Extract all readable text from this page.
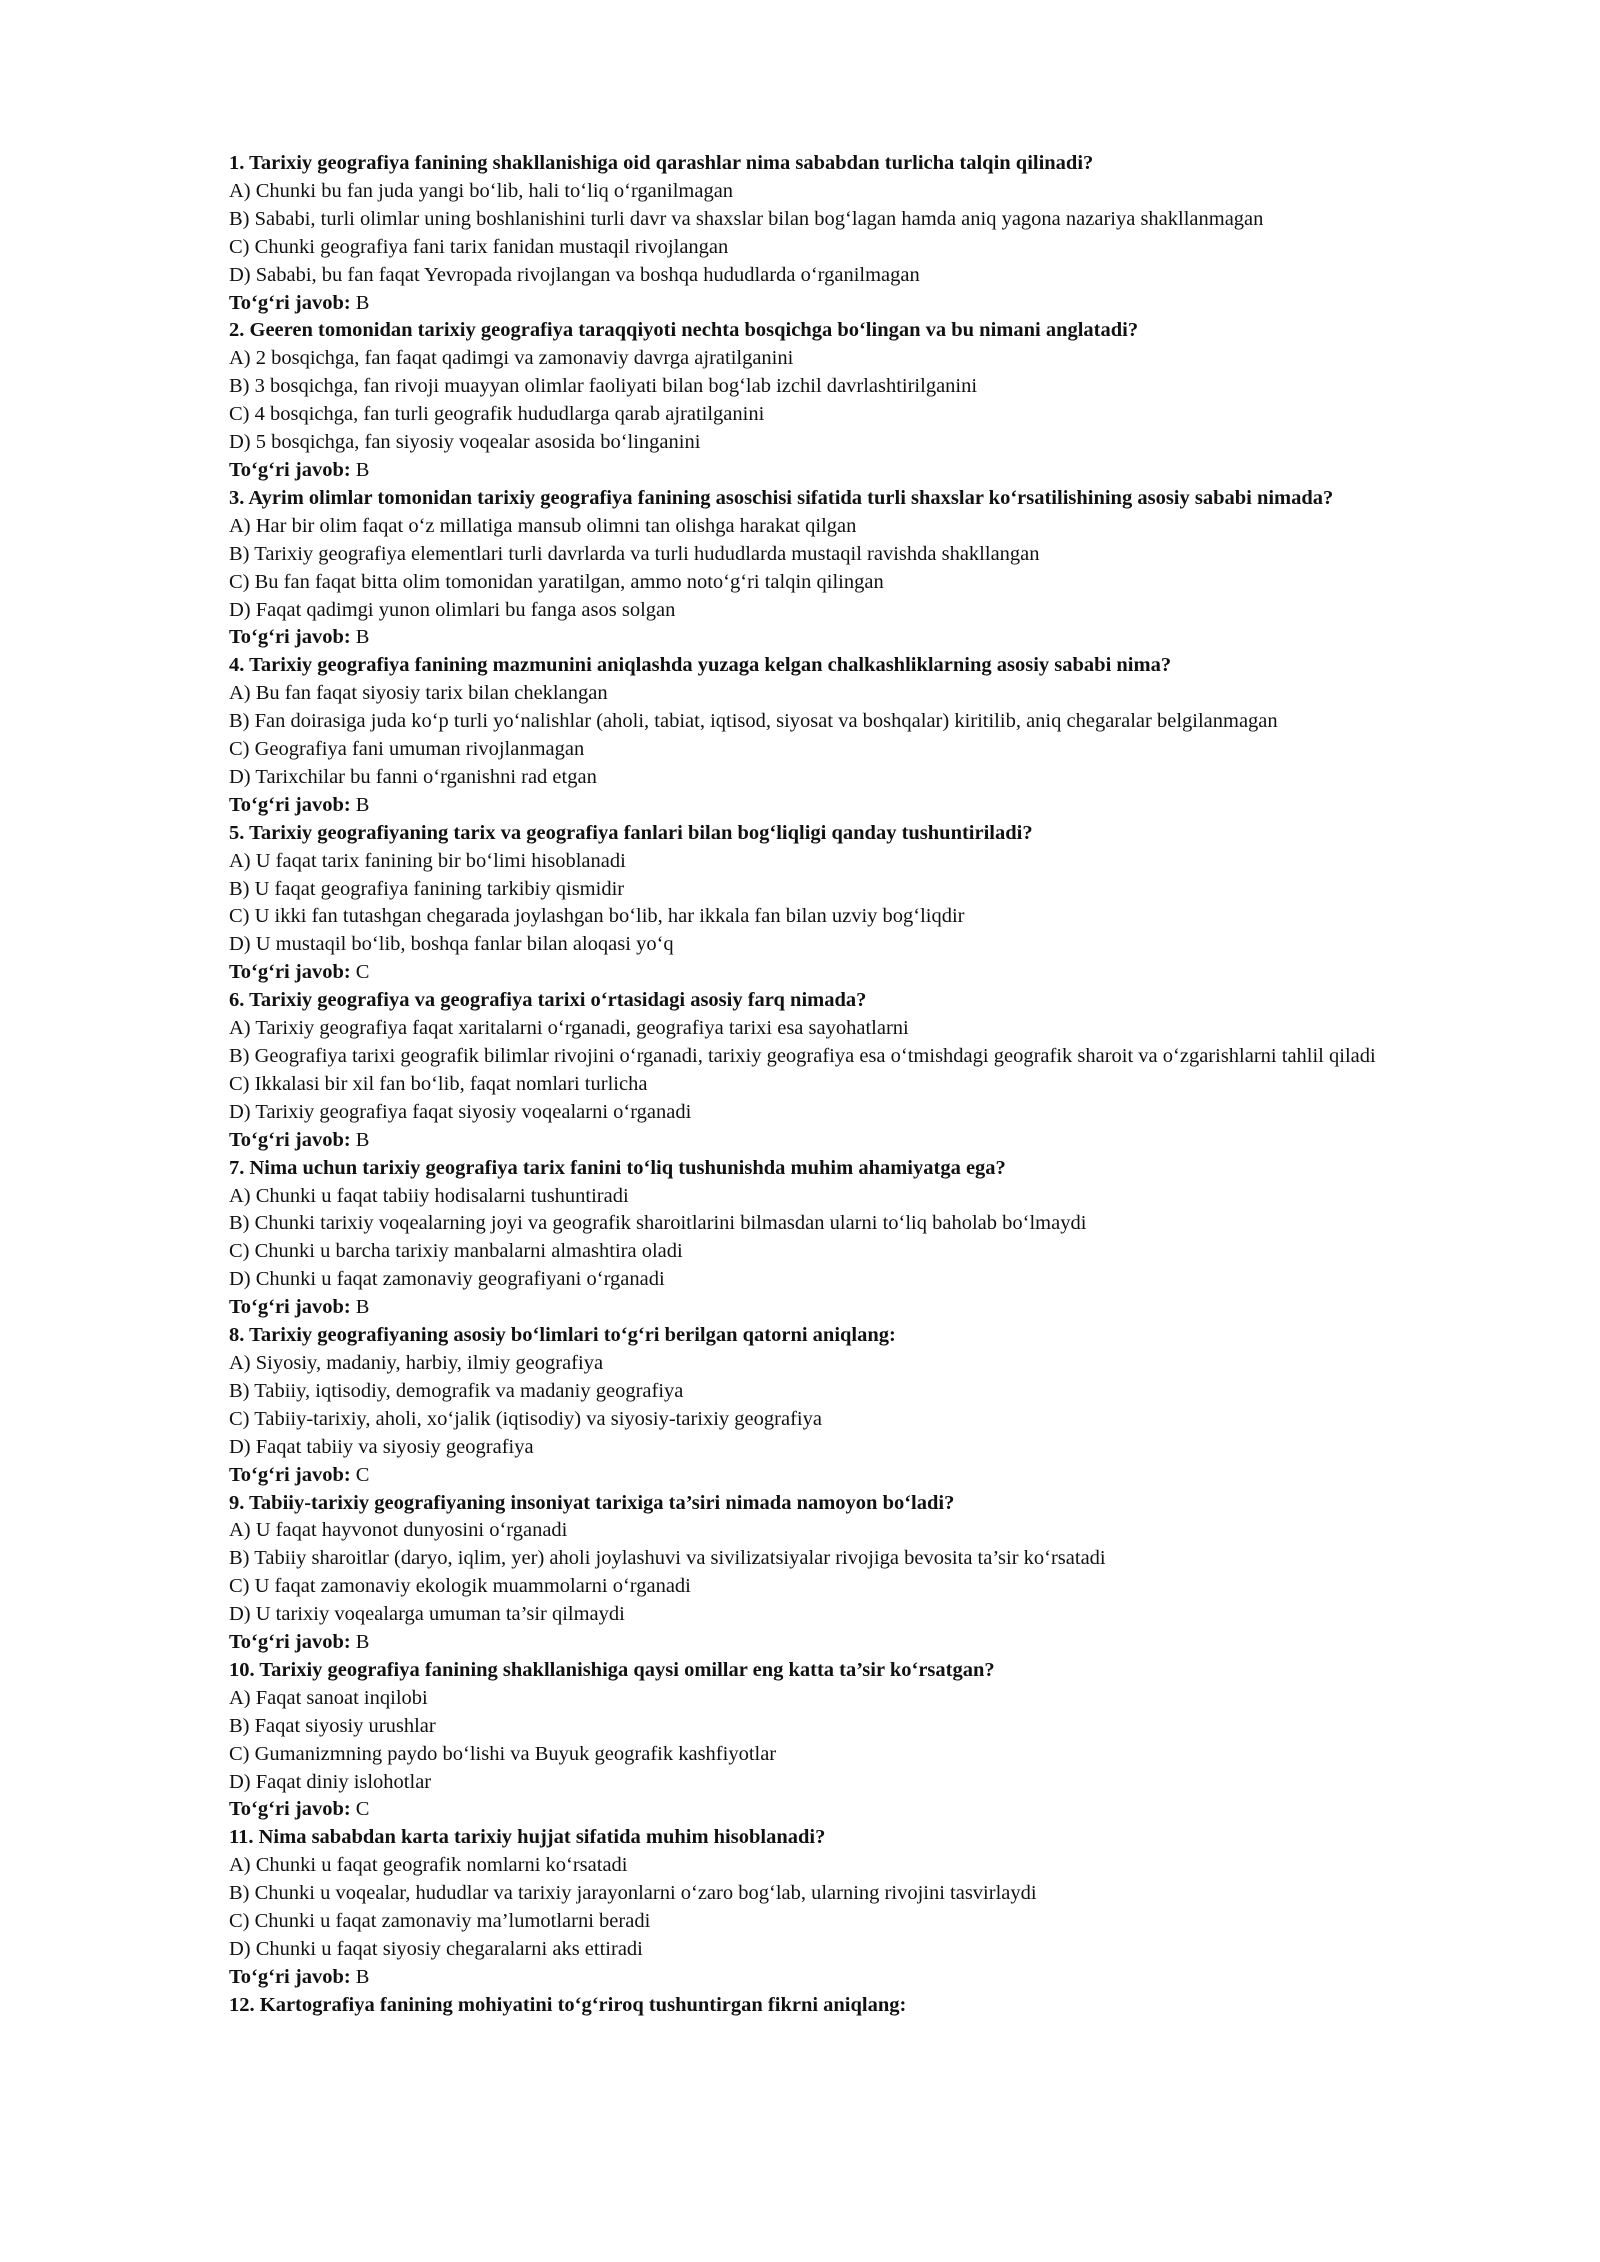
1. Tarixiy geografiya fanining shakllanishiga oid qarashlar nima sababdan turlicha talqin qilinadi?

A) Chunki bu fan juda yangi bo‘lib, hali to‘liq o‘rganilmagan

B) Sababi, turli olimlar uning boshlanishini turli davr va shaxslar bilan bog‘lagan hamda aniq yagona nazariya shakllanmagan

C) Chunki geografiya fani tarix fanidan mustaqil rivojlangan

D) Sababi, bu fan faqat Yevropada rivojlangan va boshqa hududlarda o‘rganilmagan

To‘g‘ri javob: B

2. Geeren tomonidan tarixiy geografiya taraqqiyoti nechta bosqichga bo‘lingan va bu nimani anglatadi?

A) 2 bosqichga, fan faqat qadimgi va zamonaviy davrga ajratilganini

B) 3 bosqichga, fan rivoji muayyan olimlar faoliyati bilan bog‘lab izchil davrlashtirilganini

C) 4 bosqichga, fan turli geografik hududlarga qarab ajratilganini

D) 5 bosqichga, fan siyosiy voqealar asosida bo‘linganini

To‘g‘ri javob: B

3. Ayrim olimlar tomonidan tarixiy geografiya fanining asoschisi sifatida turli shaxslar ko‘rsatilishining asosiy sababi nimada?

A) Har bir olim faqat o‘z millatiga mansub olimni tan olishga harakat qilgan

B) Tarixiy geografiya elementlari turli davrlarda va turli hududlarda mustaqil ravishda shakllangan

C) Bu fan faqat bitta olim tomonidan yaratilgan, ammo noto‘g‘ri talqin qilingan

D) Faqat qadimgi yunon olimlari bu fanga asos solgan

To‘g‘ri javob: B

4. Tarixiy geografiya fanining mazmunini aniqlashda yuzaga kelgan chalkashliklarning asosiy sababi nima?

A) Bu fan faqat siyosiy tarix bilan cheklangan

B) Fan doirasiga juda ko‘p turli yo‘nalishlar (aholi, tabiat, iqtisod, siyosat va boshqalar) kiritilib, aniq chegaralar belgilanmagan

C) Geografiya fani umuman rivojlanmagan

D) Tarixchilar bu fanni o‘rganishni rad etgan

To‘g‘ri javob: B

5. Tarixiy geografiyaning tarix va geografiya fanlari bilan bog‘liqligi qanday tushuntiriladi?

A) U faqat tarix fanining bir bo‘limi hisoblanadi

B) U faqat geografiya fanining tarkibiy qismidir

C) U ikki fan tutashgan chegarada joylashgan bo‘lib, har ikkala fan bilan uzviy bog‘liqdir

D) U mustaqil bo‘lib, boshqa fanlar bilan aloqasi yo‘q

To‘g‘ri javob: C

6. Tarixiy geografiya va geografiya tarixi o‘rtasidagi asosiy farq nimada?

A) Tarixiy geografiya faqat xaritalarni o‘rganadi, geografiya tarixi esa sayohatlarni

B) Geografiya tarixi geografik bilimlar rivojini o‘rganadi, tarixiy geografiya esa o‘tmishdagi geografik sharoit va o‘zgarishlarni tahlil qiladi

C) Ikkalasi bir xil fan bo‘lib, faqat nomlari turlicha

D) Tarixiy geografiya faqat siyosiy voqealarni o‘rganadi

To‘g‘ri javob: B

7. Nima uchun tarixiy geografiya tarix fanini to‘liq tushunishda muhim ahamiyatga ega?

A) Chunki u faqat tabiiy hodisalarni tushuntiradi

B) Chunki tarixiy voqealarning joyi va geografik sharoitlarini bilmasdan ularni to‘liq baholab bo‘lmaydi

C) Chunki u barcha tarixiy manbalarni almashtira oladi

D) Chunki u faqat zamonaviy geografiyani o‘rganadi

To‘g‘ri javob: B

8. Tarixiy geografiyaning asosiy bo‘limlari to‘g‘ri berilgan qatorni aniqlang:

A) Siyosiy, madaniy, harbiy, ilmiy geografiya

B) Tabiiy, iqtisodiy, demografik va madaniy geografiya

C) Tabiiy-tarixiy, aholi, xo‘jalik (iqtisodiy) va siyosiy-tarixiy geografiya

D) Faqat tabiiy va siyosiy geografiya

To‘g‘ri javob: C

9. Tabiiy-tarixiy geografiyaning insoniyat tarixiga ta’siri nimada namoyon bo‘ladi?

A) U faqat hayvonot dunyosini o‘rganadi

B) Tabiiy sharoitlar (daryo, iqlim, yer) aholi joylashuvi va sivilizatsiyalar rivojiga bevosita ta’sir ko‘rsatadi

C) U faqat zamonaviy ekologik muammolarni o‘rganadi

D) U tarixiy voqealarga umuman ta’sir qilmaydi

To‘g‘ri javob: B

10. Tarixiy geografiya fanining shakllanishiga qaysi omillar eng katta ta’sir ko‘rsatgan?

A) Faqat sanoat inqilobi

B) Faqat siyosiy urushlar

C) Gumanizmning paydo bo‘lishi va Buyuk geografik kashfiyotlar

D) Faqat diniy islohotlar

To‘g‘ri javob: C

11. Nima sababdan karta tarixiy hujjat sifatida muhim hisoblanadi?

A) Chunki u faqat geografik nomlarni ko‘rsatadi

B) Chunki u voqealar, hududlar va tarixiy jarayonlarni o‘zaro bog‘lab, ularning rivojini tasvirlaydi

C) Chunki u faqat zamonaviy ma’lumotlarni beradi

D) Chunki u faqat siyosiy chegaralarni aks ettiradi

To‘g‘ri javob: B

12. Kartografiya fanining mohiyatini to‘g‘riroq tushuntirgan fikrni aniqlang:
